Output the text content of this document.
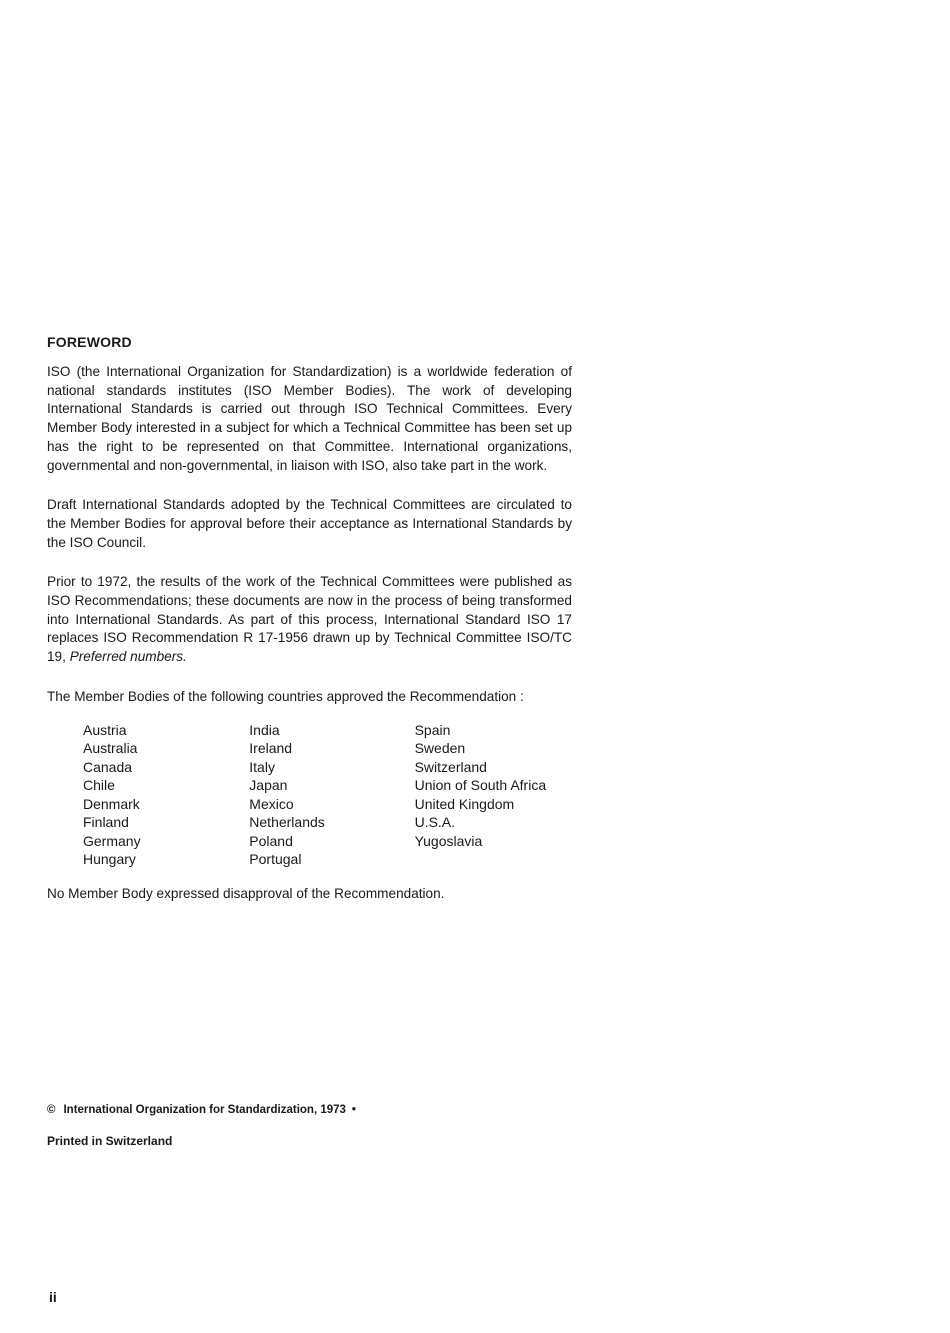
FOREWORD

ISO (the International Organization for Standardization) is a worldwide federation of national standards institutes (ISO Member Bodies). The work of developing International Standards is carried out through ISO Technical Committees. Every Member Body interested in a subject for which a Technical Committee has been set up has the right to be represented on that Committee. International organizations, governmental and non-governmental, in liaison with ISO, also take part in the work.

Draft International Standards adopted by the Technical Committees are circulated to the Member Bodies for approval before their acceptance as International Standards by the ISO Council.

Prior to 1972, the results of the work of the Technical Committees were published as ISO Recommendations; these documents are now in the process of being transformed into International Standards. As part of this process, International Standard ISO 17 replaces ISO Recommendation R 17-1956 drawn up by Technical Committee ISO/TC 19, Preferred numbers.

The Member Bodies of the following countries approved the Recommendation :

Austria
Australia
Canada
Chile
Denmark
Finland
Germany
Hungary
India
Ireland
Italy
Japan
Mexico
Netherlands
Poland
Portugal
Spain
Sweden
Switzerland
Union of South Africa
United Kingdom
U.S.A.
Yugoslavia

No Member Body expressed disapproval of the Recommendation.

© International Organization for Standardization, 1973 •
Printed in Switzerland
ii
